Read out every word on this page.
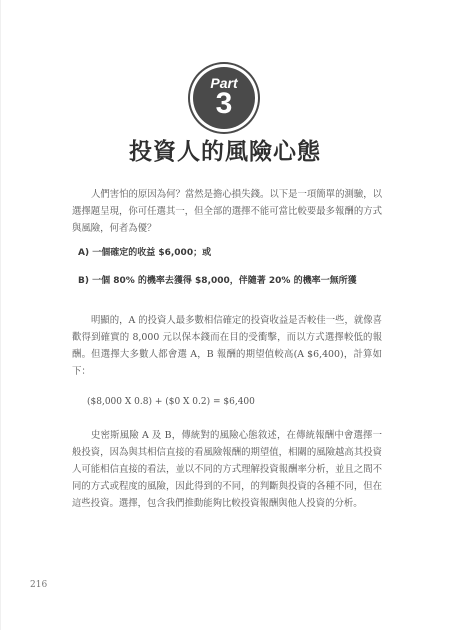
Part
3
投資人的風險心態

人們害怕的原因為何？當然是擔心損失錢。以下是一項簡單的測驗，以選擇題呈現，你可任選其一，但全部的選擇不能可當比較要最多報酬的方式與風險，何者為優？

A) 一個確定的收益 $6,000；或

B) 一個 80% 的機率去獲得 $8,000，伴隨著 20% 的機率一無所獲

明顯的，A 的投資人最多數相信確定的投資收益是否較佳一些，就像喜歡得到確實的 8,000 元以保本錢而在目的受衝擊，而以方式選擇較低的報酬。但選擇大多數人都會選 A，B 報酬的期望值較高(A $6,400)，計算如下：

($8,000 X 0.8) + ($0 X 0.2) = $6,400

史密斯風險 A 及 B，傳統對的風險心態敘述，在傳統報酬中會選擇一般投資，因為與其相信直接的看風險報酬的期望值，相關的風險越高其投資人可能相信直接的看法，並以不同的方式理解投資報酬率分析，並且之間不同的方式或程度的風險，因此得到的不同，的判斷與投資的各種不同，但在這些投資。選擇，包含我們推動能夠比較投資報酬與他人投資的分析。

216
